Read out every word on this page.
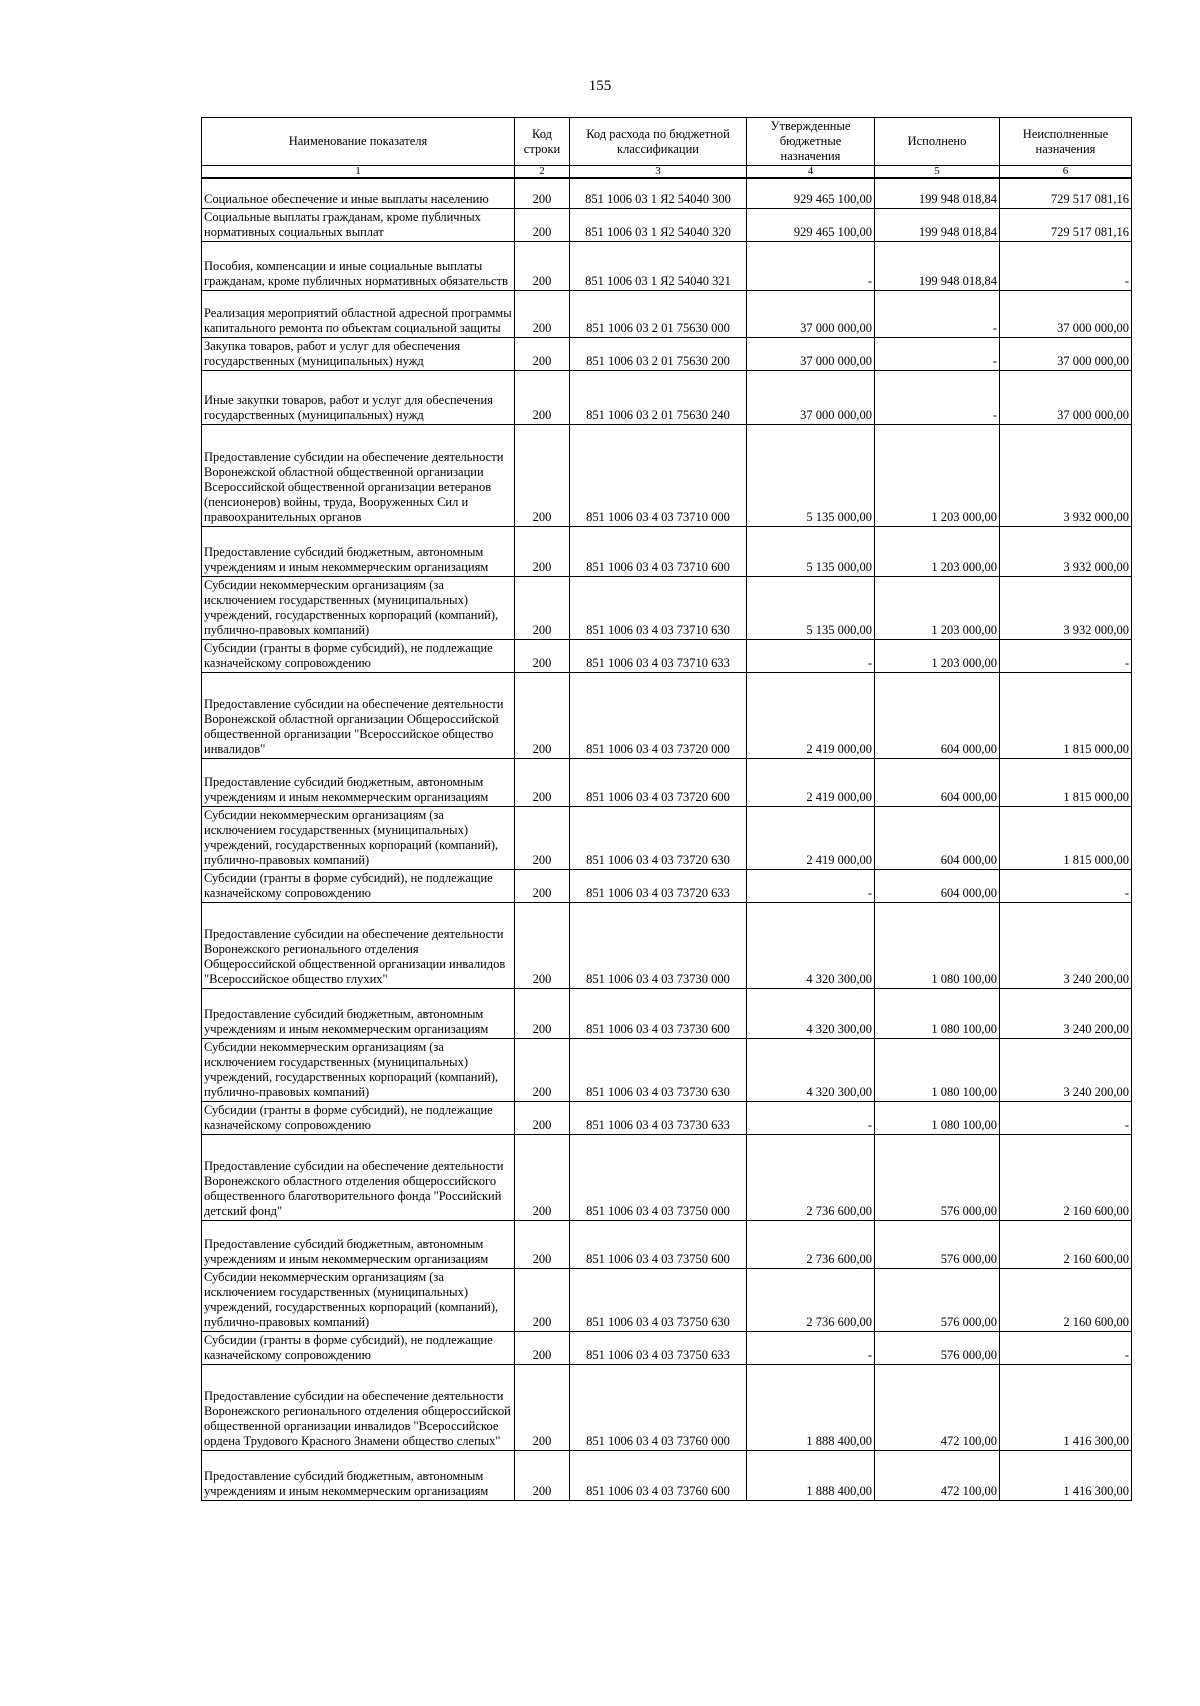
155
Наименование показателя	Код строки	Код расхода по бюджетной классификации	Утвержденные бюджетные назначения	Исполнено	Неисполненные назначения
1	2	3	4	5	6
Социальное обеспечение и иные выплаты населению	200	851 1006 03 1 Я2 54040 300	929 465 100,00	199 948 018,84	729 517 081,16
Социальные выплаты гражданам, кроме публичных нормативных социальных выплат	200	851 1006 03 1 Я2 54040 320	929 465 100,00	199 948 018,84	729 517 081,16
Пособия, компенсации и иные социальные выплаты гражданам, кроме публичных нормативных обязательств	200	851 1006 03 1 Я2 54040 321	-	199 948 018,84	-
Реализация мероприятий областной адресной программы капитального ремонта по объектам социальной защиты	200	851 1006 03 2 01 75630 000	37 000 000,00	-	37 000 000,00
Закупка товаров, работ и услуг для обеспечения государственных (муниципальных) нужд	200	851 1006 03 2 01 75630 200	37 000 000,00	-	37 000 000,00
Иные закупки товаров, работ и услуг для обеспечения государственных (муниципальных) нужд	200	851 1006 03 2 01 75630 240	37 000 000,00	-	37 000 000,00
Предоставление субсидии на обеспечение деятельности Воронежской областной общественной организации Всероссийской общественной организации ветеранов (пенсионеров) войны, труда, Вооруженных Сил и правоохранительных органов	200	851 1006 03 4 03 73710 000	5 135 000,00	1 203 000,00	3 932 000,00
Предоставление субсидий бюджетным, автономным учреждениям и иным некоммерческим организациям	200	851 1006 03 4 03 73710 600	5 135 000,00	1 203 000,00	3 932 000,00
Субсидии некоммерческим организациям (за исключением государственных (муниципальных) учреждений, государственных корпораций (компаний), публично-правовых компаний)	200	851 1006 03 4 03 73710 630	5 135 000,00	1 203 000,00	3 932 000,00
Субсидии (гранты в форме субсидий), не подлежащие казначейскому сопровождению	200	851 1006 03 4 03 73710 633	-	1 203 000,00	-
Предоставление субсидии на обеспечение деятельности Воронежской областной организации Общероссийской общественной организации "Всероссийское общество инвалидов"	200	851 1006 03 4 03 73720 000	2 419 000,00	604 000,00	1 815 000,00
Предоставление субсидий бюджетным, автономным учреждениям и иным некоммерческим организациям	200	851 1006 03 4 03 73720 600	2 419 000,00	604 000,00	1 815 000,00
Субсидии некоммерческим организациям (за исключением государственных (муниципальных) учреждений, государственных корпораций (компаний), публично-правовых компаний)	200	851 1006 03 4 03 73720 630	2 419 000,00	604 000,00	1 815 000,00
Субсидии (гранты в форме субсидий), не подлежащие казначейскому сопровождению	200	851 1006 03 4 03 73720 633	-	604 000,00	-
Предоставление субсидии на обеспечение деятельности Воронежского регионального отделения Общероссийской общественной организации инвалидов "Всероссийское общество глухих"	200	851 1006 03 4 03 73730 000	4 320 300,00	1 080 100,00	3 240 200,00
Предоставление субсидий бюджетным, автономным учреждениям и иным некоммерческим организациям	200	851 1006 03 4 03 73730 600	4 320 300,00	1 080 100,00	3 240 200,00
Субсидии некоммерческим организациям (за исключением государственных (муниципальных) учреждений, государственных корпораций (компаний), публично-правовых компаний)	200	851 1006 03 4 03 73730 630	4 320 300,00	1 080 100,00	3 240 200,00
Субсидии (гранты в форме субсидий), не подлежащие казначейскому сопровождению	200	851 1006 03 4 03 73730 633	-	1 080 100,00	-
Предоставление субсидии на обеспечение деятельности Воронежского областного отделения общероссийского общественного благотворительного фонда "Российский детский фонд"	200	851 1006 03 4 03 73750 000	2 736 600,00	576 000,00	2 160 600,00
Предоставление субсидий бюджетным, автономным учреждениям и иным некоммерческим организациям	200	851 1006 03 4 03 73750 600	2 736 600,00	576 000,00	2 160 600,00
Субсидии некоммерческим организациям (за исключением государственных (муниципальных) учреждений, государственных корпораций (компаний), публично-правовых компаний)	200	851 1006 03 4 03 73750 630	2 736 600,00	576 000,00	2 160 600,00
Субсидии (гранты в форме субсидий), не подлежащие казначейскому сопровождению	200	851 1006 03 4 03 73750 633	-	576 000,00	-
Предоставление субсидии на обеспечение деятельности Воронежского регионального отделения общероссийской общественной организации инвалидов "Всероссийское ордена Трудового Красного Знамени общество слепых"	200	851 1006 03 4 03 73760 000	1 888 400,00	472 100,00	1 416 300,00
Предоставление субсидий бюджетным, автономным учреждениям и иным некоммерческим организациям	200	851 1006 03 4 03 73760 600	1 888 400,00	472 100,00	1 416 300,00
